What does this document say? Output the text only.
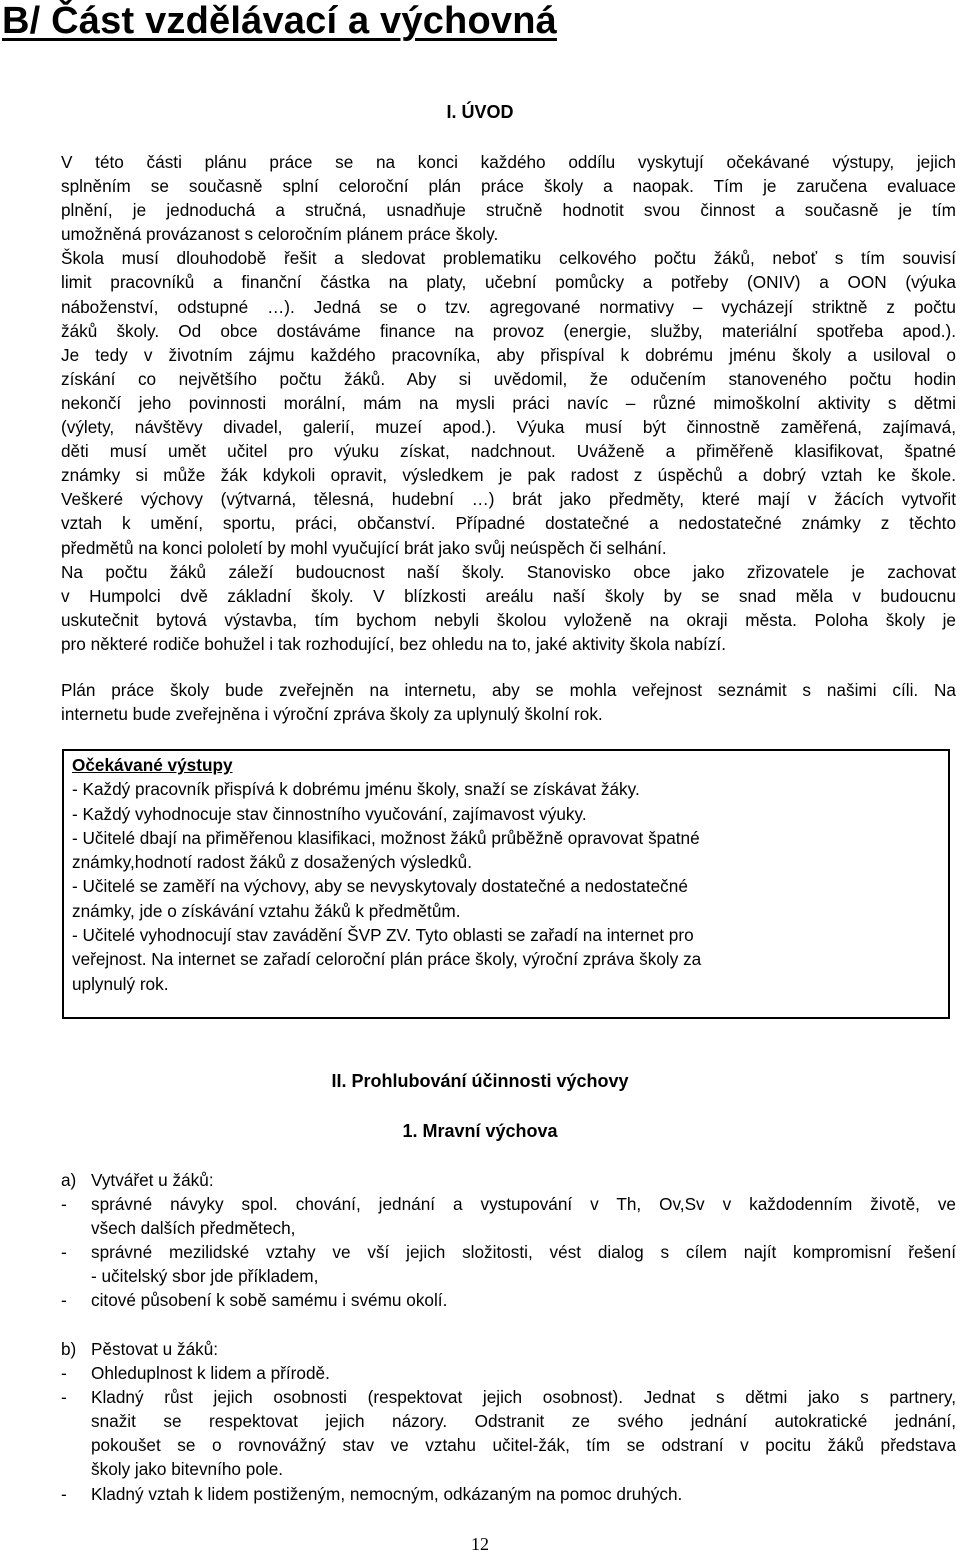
B/ Část vzdělávací a výchovná
I. ÚVOD
V této části plánu práce se na konci každého oddílu vyskytují očekávané výstupy, jejich
splněním se současně splní celoroční plán práce školy a naopak. Tím je zaručena evaluace
plnění, je jednoduchá a stručná, usnadňuje stručně hodnotit svou činnost a současně je tím
umožněná provázanost s celoročním plánem práce školy.
Škola musí dlouhodobě řešit a sledovat problematiku celkového počtu žáků, neboť s tím souvisí
limit pracovníků a finanční částka na platy, učební pomůcky a potřeby (ONIV) a OON (výuka
náboženství, odstupné …). Jedná se o tzv. agregované normativy – vycházejí striktně z počtu
žáků školy. Od obce dostáváme finance na provoz (energie, služby, materiální spotřeba apod.).
Je tedy v životním zájmu každého pracovníka, aby přispíval k dobrému jménu školy a usiloval o
získání co největšího počtu žáků. Aby si uvědomil, že odučením stanoveného počtu hodin
nekončí jeho povinnosti morální, mám na mysli práci navíc – různé mimoškolní aktivity s dětmi
(výlety, návštěvy divadel, galerií, muzeí apod.). Výuka musí být činnostně zaměřená, zajímavá,
děti musí umět učitel pro výuku získat, nadchnout. Uváženě a přiměřeně klasifikovat, špatné
známky si může žák kdykoli opravit, výsledkem je pak radost z úspěchů a dobrý vztah ke škole.
Veškeré výchovy (výtvarná, tělesná, hudební …) brát jako předměty, které mají v žácích vytvořit
vztah k umění, sportu, práci, občanství. Případné dostatečné a nedostatečné známky z těchto
předmětů na konci pololetí by mohl vyučující brát jako svůj neúspěch či selhání.
Na počtu žáků záleží budoucnost naší školy. Stanovisko obce jako zřizovatele je zachovat
v Humpolci dvě základní školy. V blízkosti areálu naší školy by se snad měla v budoucnu
uskutečnit bytová výstavba, tím bychom nebyli školou vyloženě na okraji města. Poloha školy je
pro některé rodiče bohužel i tak rozhodující, bez ohledu na to, jaké aktivity škola nabízí.
Plán práce školy bude zveřejněn na internetu, aby se mohla veřejnost seznámit s našimi cíli. Na
internetu bude zveřejněna i výroční zpráva školy za uplynulý školní rok.
Očekávané výstupy
- Každý pracovník přispívá k dobrému jménu školy, snaží se získávat žáky.
- Každý vyhodnocuje stav činnostního vyučování, zajímavost výuky.
- Učitelé dbají na přiměřenou klasifikaci, možnost žáků průběžně opravovat špatné
známky,hodnotí radost žáků z dosažených výsledků.
- Učitelé se zaměří na výchovy, aby se nevyskytovaly dostatečné a nedostatečné
známky, jde o získávání vztahu žáků k předmětům.
- Učitelé vyhodnocují stav zavádění ŠVP ZV. Tyto oblasti se zařadí na internet pro
veřejnost. Na internet se zařadí celoroční plán práce školy, výroční zpráva školy za
uplynulý rok.
II. Prohlubování účinnosti výchovy
1. Mravní výchova
a) Vytvářet u žáků:
- správné návyky spol. chování, jednání a vystupování v Th, Ov,Sv v každodenním životě, ve
všech dalších předmětech,
- správné mezilidské vztahy ve vší jejich složitosti, vést dialog s cílem najít kompromisní řešení
- učitelský sbor jde příkladem,
- citové působení k sobě samému i svému okolí.
b) Pěstovat u žáků:
- Ohleduplnost k lidem a přírodě.
- Kladný růst jejich osobnosti (respektovat jejich osobnost). Jednat s dětmi jako s partnery,
snažit se respektovat jejich názory. Odstranit ze svého jednání autokratické jednání,
pokoušet se o rovnovážný stav ve vztahu učitel-žák, tím se odstraní v pocitu žáků představa
školy jako bitevního pole.
- Kladný vztah k lidem postiženým, nemocným, odkázaným na pomoc druhých.
12
